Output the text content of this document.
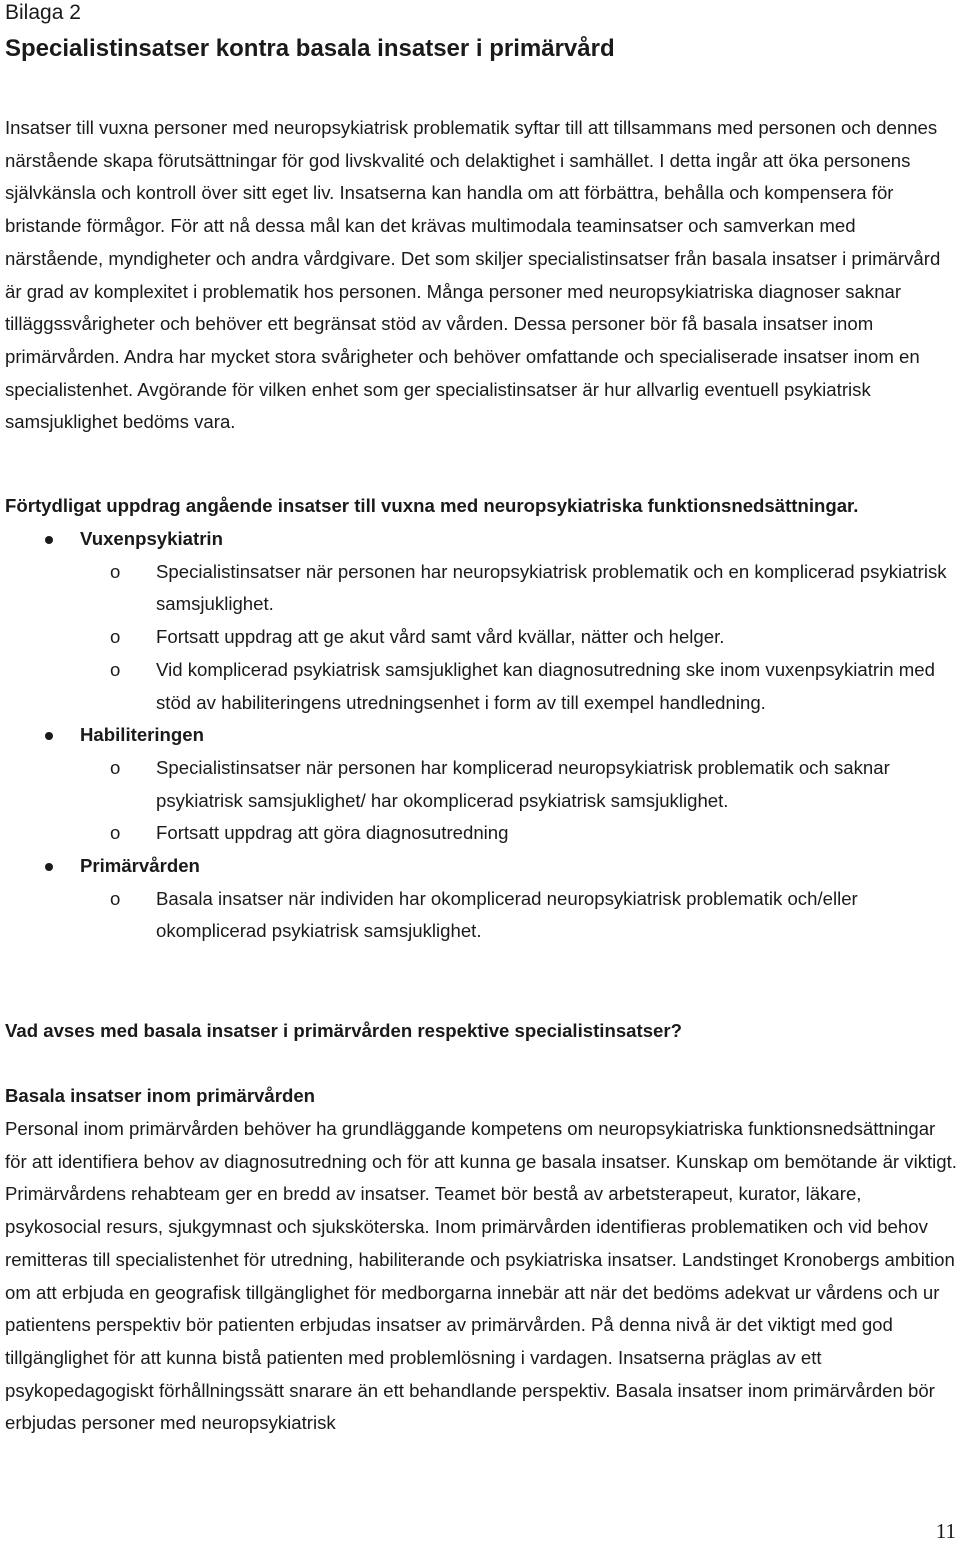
Bilaga 2
Specialistinsatser kontra basala insatser i primärvård

Insatser till vuxna personer med neuropsykiatrisk problematik syftar till att tillsammans med personen och dennes närstående skapa förutsättningar för god livskvalité och delaktighet i samhället. I detta ingår att öka personens självkänsla och kontroll över sitt eget liv. Insatserna kan handla om att förbättra, behålla och kompensera för bristande förmågor. För att nå dessa mål kan det krävas multimodala teaminsatser och samverkan med närstående, myndigheter och andra vårdgivare. Det som skiljer specialistinsatser från basala insatser i primärvård är grad av komplexitet i problematik hos personen. Många personer med neuropsykiatriska diagnoser saknar tilläggssvårigheter och behöver ett begränsat stöd av vården. Dessa personer bör få basala insatser inom primärvården. Andra har mycket stora svårigheter och behöver omfattande och specialiserade insatser inom en specialistenhet. Avgörande för vilken enhet som ger specialistinsatser är hur allvarlig eventuell psykiatrisk samsjuklighet bedöms vara.

Förtydligat uppdrag angående insatser till vuxna med neuropsykiatriska funktionsnedsättningar.

Vuxenpsykiatrin
o Specialistinsatser när personen har neuropsykiatrisk problematik och en komplicerad psykiatrisk samsjuklighet.

o Fortsatt uppdrag att ge akut vård samt vård kvällar, nätter och helger.

o Vid komplicerad psykiatrisk samsjuklighet kan diagnosutredning ske inom vuxenpsykiatrin med stöd av habiliteringens utredningsenhet i form av till exempel handledning.

Habiliteringen
o Specialistinsatser när personen har komplicerad neuropsykiatrisk problematik och saknar psykiatrisk samsjuklighet/ har okomplicerad psykiatrisk samsjuklighet.

o Fortsatt uppdrag att göra diagnosutredning

Primärvården
o Basala insatser när individen har okomplicerad neuropsykiatrisk problematik och/eller okomplicerad psykiatrisk samsjuklighet.

Vad avses med basala insatser i primärvården respektive specialistinsatser?

Basala insatser inom primärvården

Personal inom primärvården behöver ha grundläggande kompetens om neuropsykiatriska funktionsnedsättningar för att identifiera behov av diagnosutredning och för att kunna ge basala insatser. Kunskap om bemötande är viktigt. Primärvårdens rehabteam ger en bredd av insatser. Teamet bör bestå av arbetsterapeut, kurator, läkare, psykosocial resurs, sjukgymnast och sjuksköterska. Inom primärvården identifieras problematiken och vid behov remitteras till specialistenhet för utredning, habiliterande och psykiatriska insatser. Landstinget Kronobergs ambition om att erbjuda en geografisk tillgänglighet för medborgarna innebär att när det bedöms adekvat ur vårdens och ur patientens perspektiv bör patienten erbjudas insatser av primärvården. På denna nivå är det viktigt med god tillgänglighet för att kunna bistå patienten med problemlösning i vardagen. Insatserna präglas av ett psykopedagogiskt förhållningssätt snarare än ett behandlande perspektiv. Basala insatser inom primärvården bör erbjudas personer med neuropsykiatrisk

11
